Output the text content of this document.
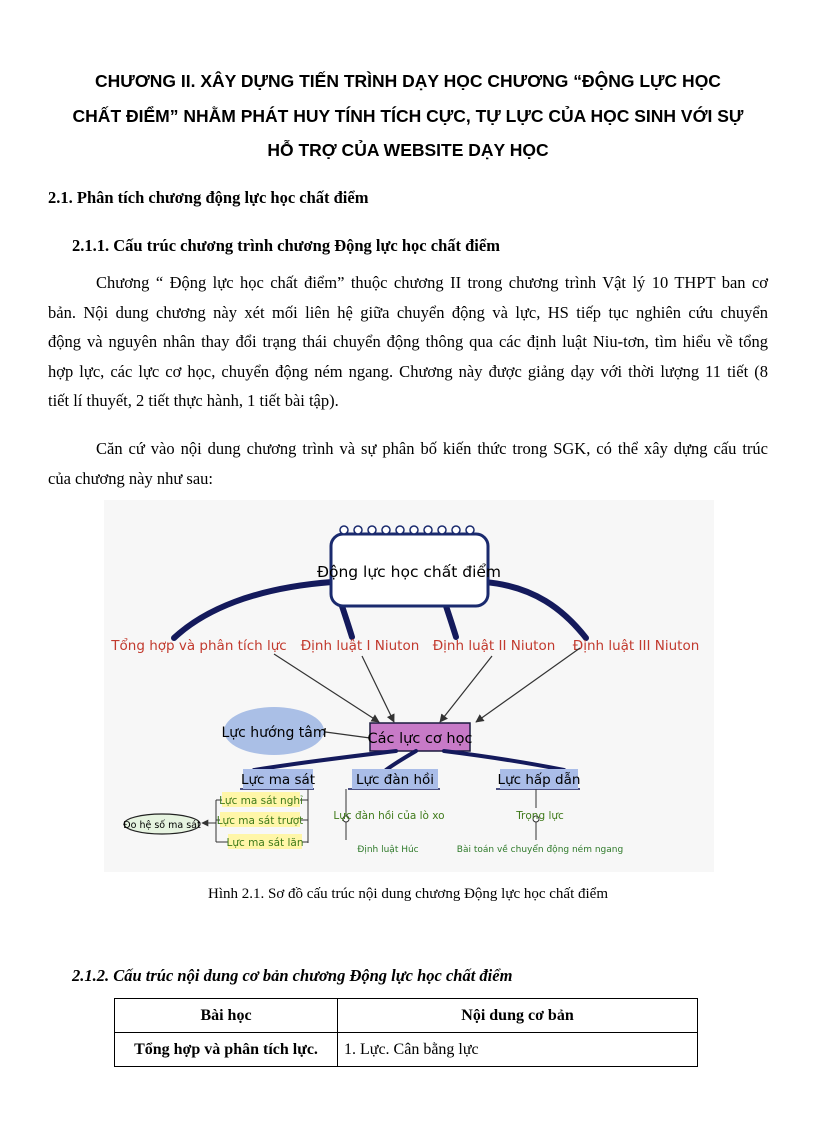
CHƯƠNG II. XÂY DỰNG TIẾN TRÌNH DẠY HỌC CHƯƠNG “ĐỘNG LỰC HỌC
CHẤT ĐIỂM” NHẰM PHÁT HUY TÍNH TÍCH CỰC, TỰ LỰC CỦA HỌC SINH VỚI SỰ
HỖ TRỢ CỦA WEBSITE DẠY HỌC
2.1. Phân tích chương động lực học chất điểm
2.1.1. Cấu trúc chương trình chương Động lực học chất điểm

Chương “ Động lực học chất điểm” thuộc chương II trong chương trình Vật lý 10 THPT ban cơ
bản. Nội dung chương này xét mối liên hệ giữa chuyển động và lực, HS tiếp tục nghiên cứu chuyển
động và nguyên nhân thay đổi trạng thái chuyển động thông qua các định luật Niu-tơn, tìm hiểu về tổng
hợp lực, các lực cơ học, chuyển động ném ngang. Chương này được giảng dạy với thời lượng 11 tiết (8
tiết lí thuyết, 2 tiết thực hành, 1 tiết bài tập).

Căn cứ vào nội dung chương trình và sự phân bố kiến thức trong SGK, có thể xây dựng cấu trúc
của chương này như sau:

Động lực học chất điểm
Tổng hợp và phân tích lực Định luật I Niuton Định luật II Niuton Định luật III Niuton
Lực hướng tâm	Các lực cơ học
Lực ma sát	Lực đàn hồi	Lực hấp dẫn
Lực ma sát nghỉ
Lực ma sát trượt
Lực ma sát lăn
Đo hệ số ma sát
Lực đàn hồi của lò xo
Định luật Húc
Trọng lực
Bài toán về chuyển động ném ngang

Hình 2.1. Sơ đồ cấu trúc nội dung chương Động lực học chất điểm

2.1.2. Cấu trúc nội dung cơ bản chương Động lực học chất điểm
Bài học	Nội dung cơ bản
Tổng hợp và phân tích lực.	1. Lực. Cân bằng lực
